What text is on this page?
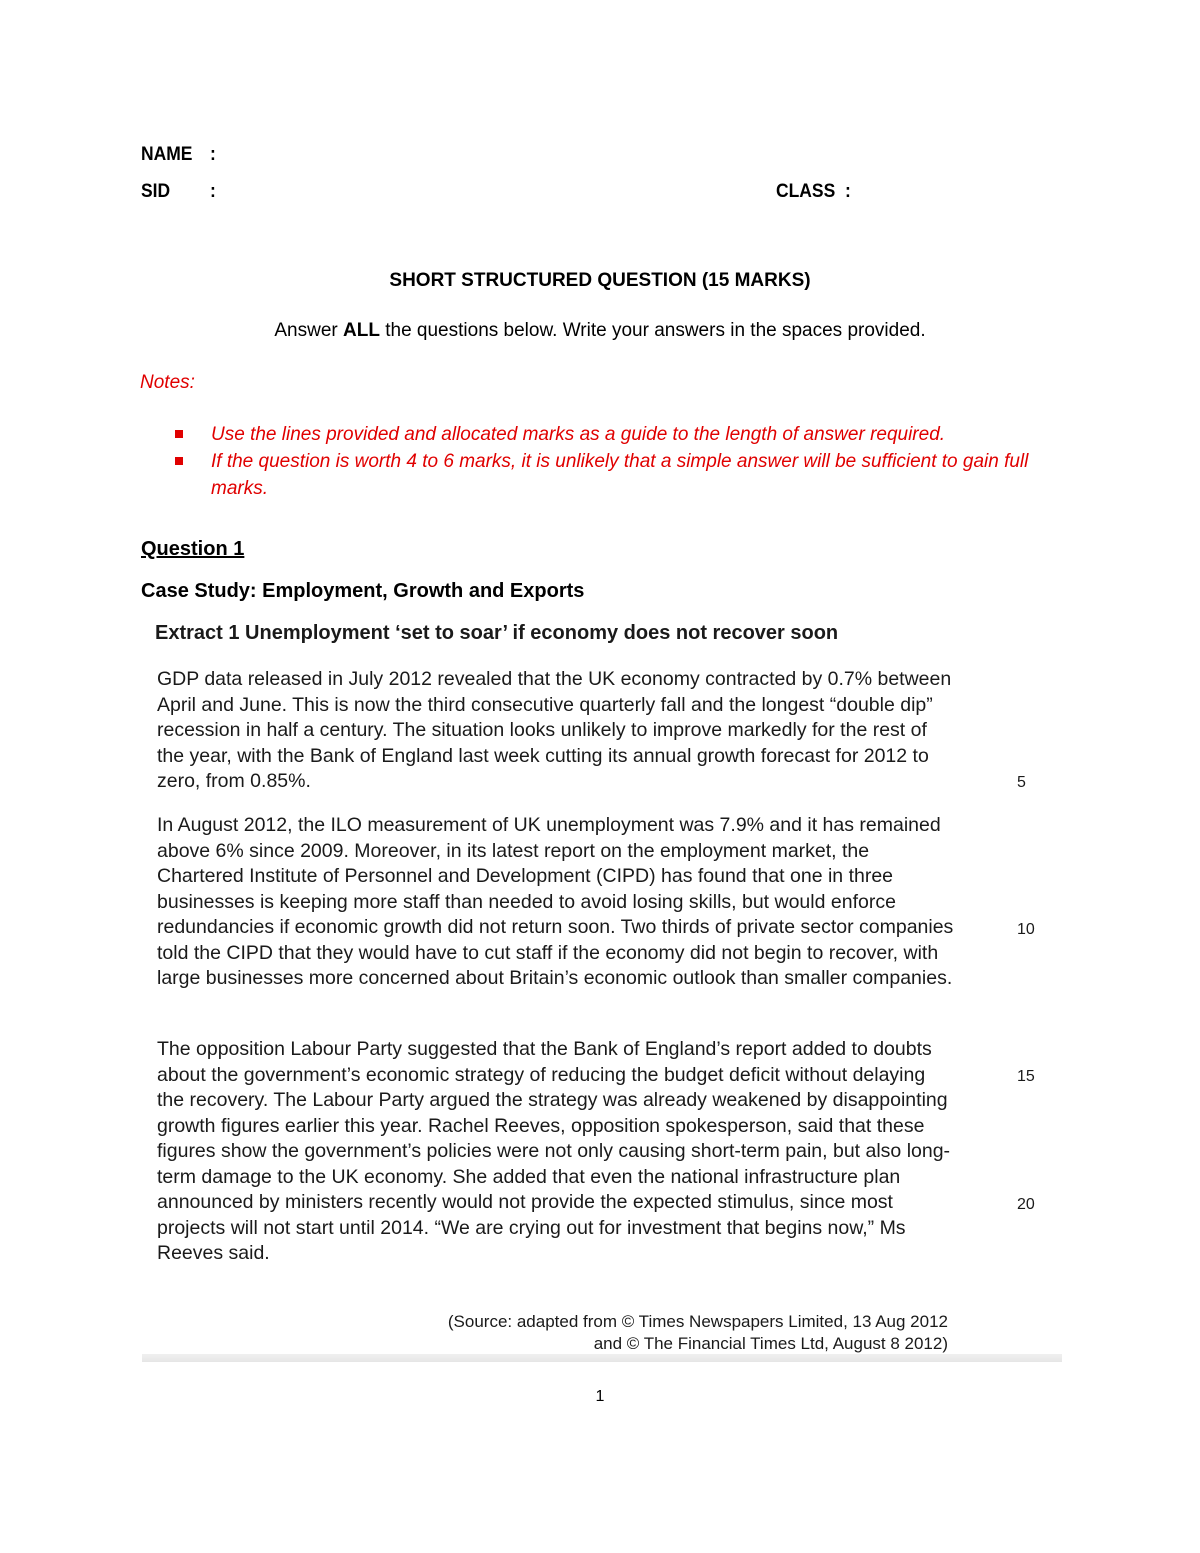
NAME :
SID :	CLASS :
SHORT STRUCTURED QUESTION (15 MARKS)
Answer ALL the questions below. Write your answers in the spaces provided.
Notes:
Use the lines provided and allocated marks as a guide to the length of answer required.
If the question is worth 4 to 6 marks, it is unlikely that a simple answer will be sufficient to gain full marks.
Question 1
Case Study: Employment, Growth and Exports
Extract 1 Unemployment ‘set to soar’ if economy does not recover soon
GDP data released in July 2012 revealed that the UK economy contracted by 0.7% between April and June. This is now the third consecutive quarterly fall and the longest “double dip” recession in half a century. The situation looks unlikely to improve markedly for the rest of the year, with the Bank of England last week cutting its annual growth forecast for 2012 to zero, from 0.85%.
In August 2012, the ILO measurement of UK unemployment was 7.9% and it has remained above 6% since 2009. Moreover, in its latest report on the employment market, the Chartered Institute of Personnel and Development (CIPD) has found that one in three businesses is keeping more staff than needed to avoid losing skills, but would enforce redundancies if economic growth did not return soon. Two thirds of private sector companies told the CIPD that they would have to cut staff if the economy did not begin to recover, with large businesses more concerned about Britain’s economic outlook than smaller companies.
The opposition Labour Party suggested that the Bank of England’s report added to doubts about the government’s economic strategy of reducing the budget deficit without delaying the recovery. The Labour Party argued the strategy was already weakened by disappointing growth figures earlier this year. Rachel Reeves, opposition spokesperson, said that these figures show the government’s policies were not only causing short-term pain, but also long-term damage to the UK economy. She added that even the national infrastructure plan announced by ministers recently would not provide the expected stimulus, since most projects will not start until 2014. “We are crying out for investment that begins now,” Ms Reeves said.
5
10
15
20
(Source: adapted from © Times Newspapers Limited, 13 Aug 2012
and © The Financial Times Ltd, August 8 2012)
1
